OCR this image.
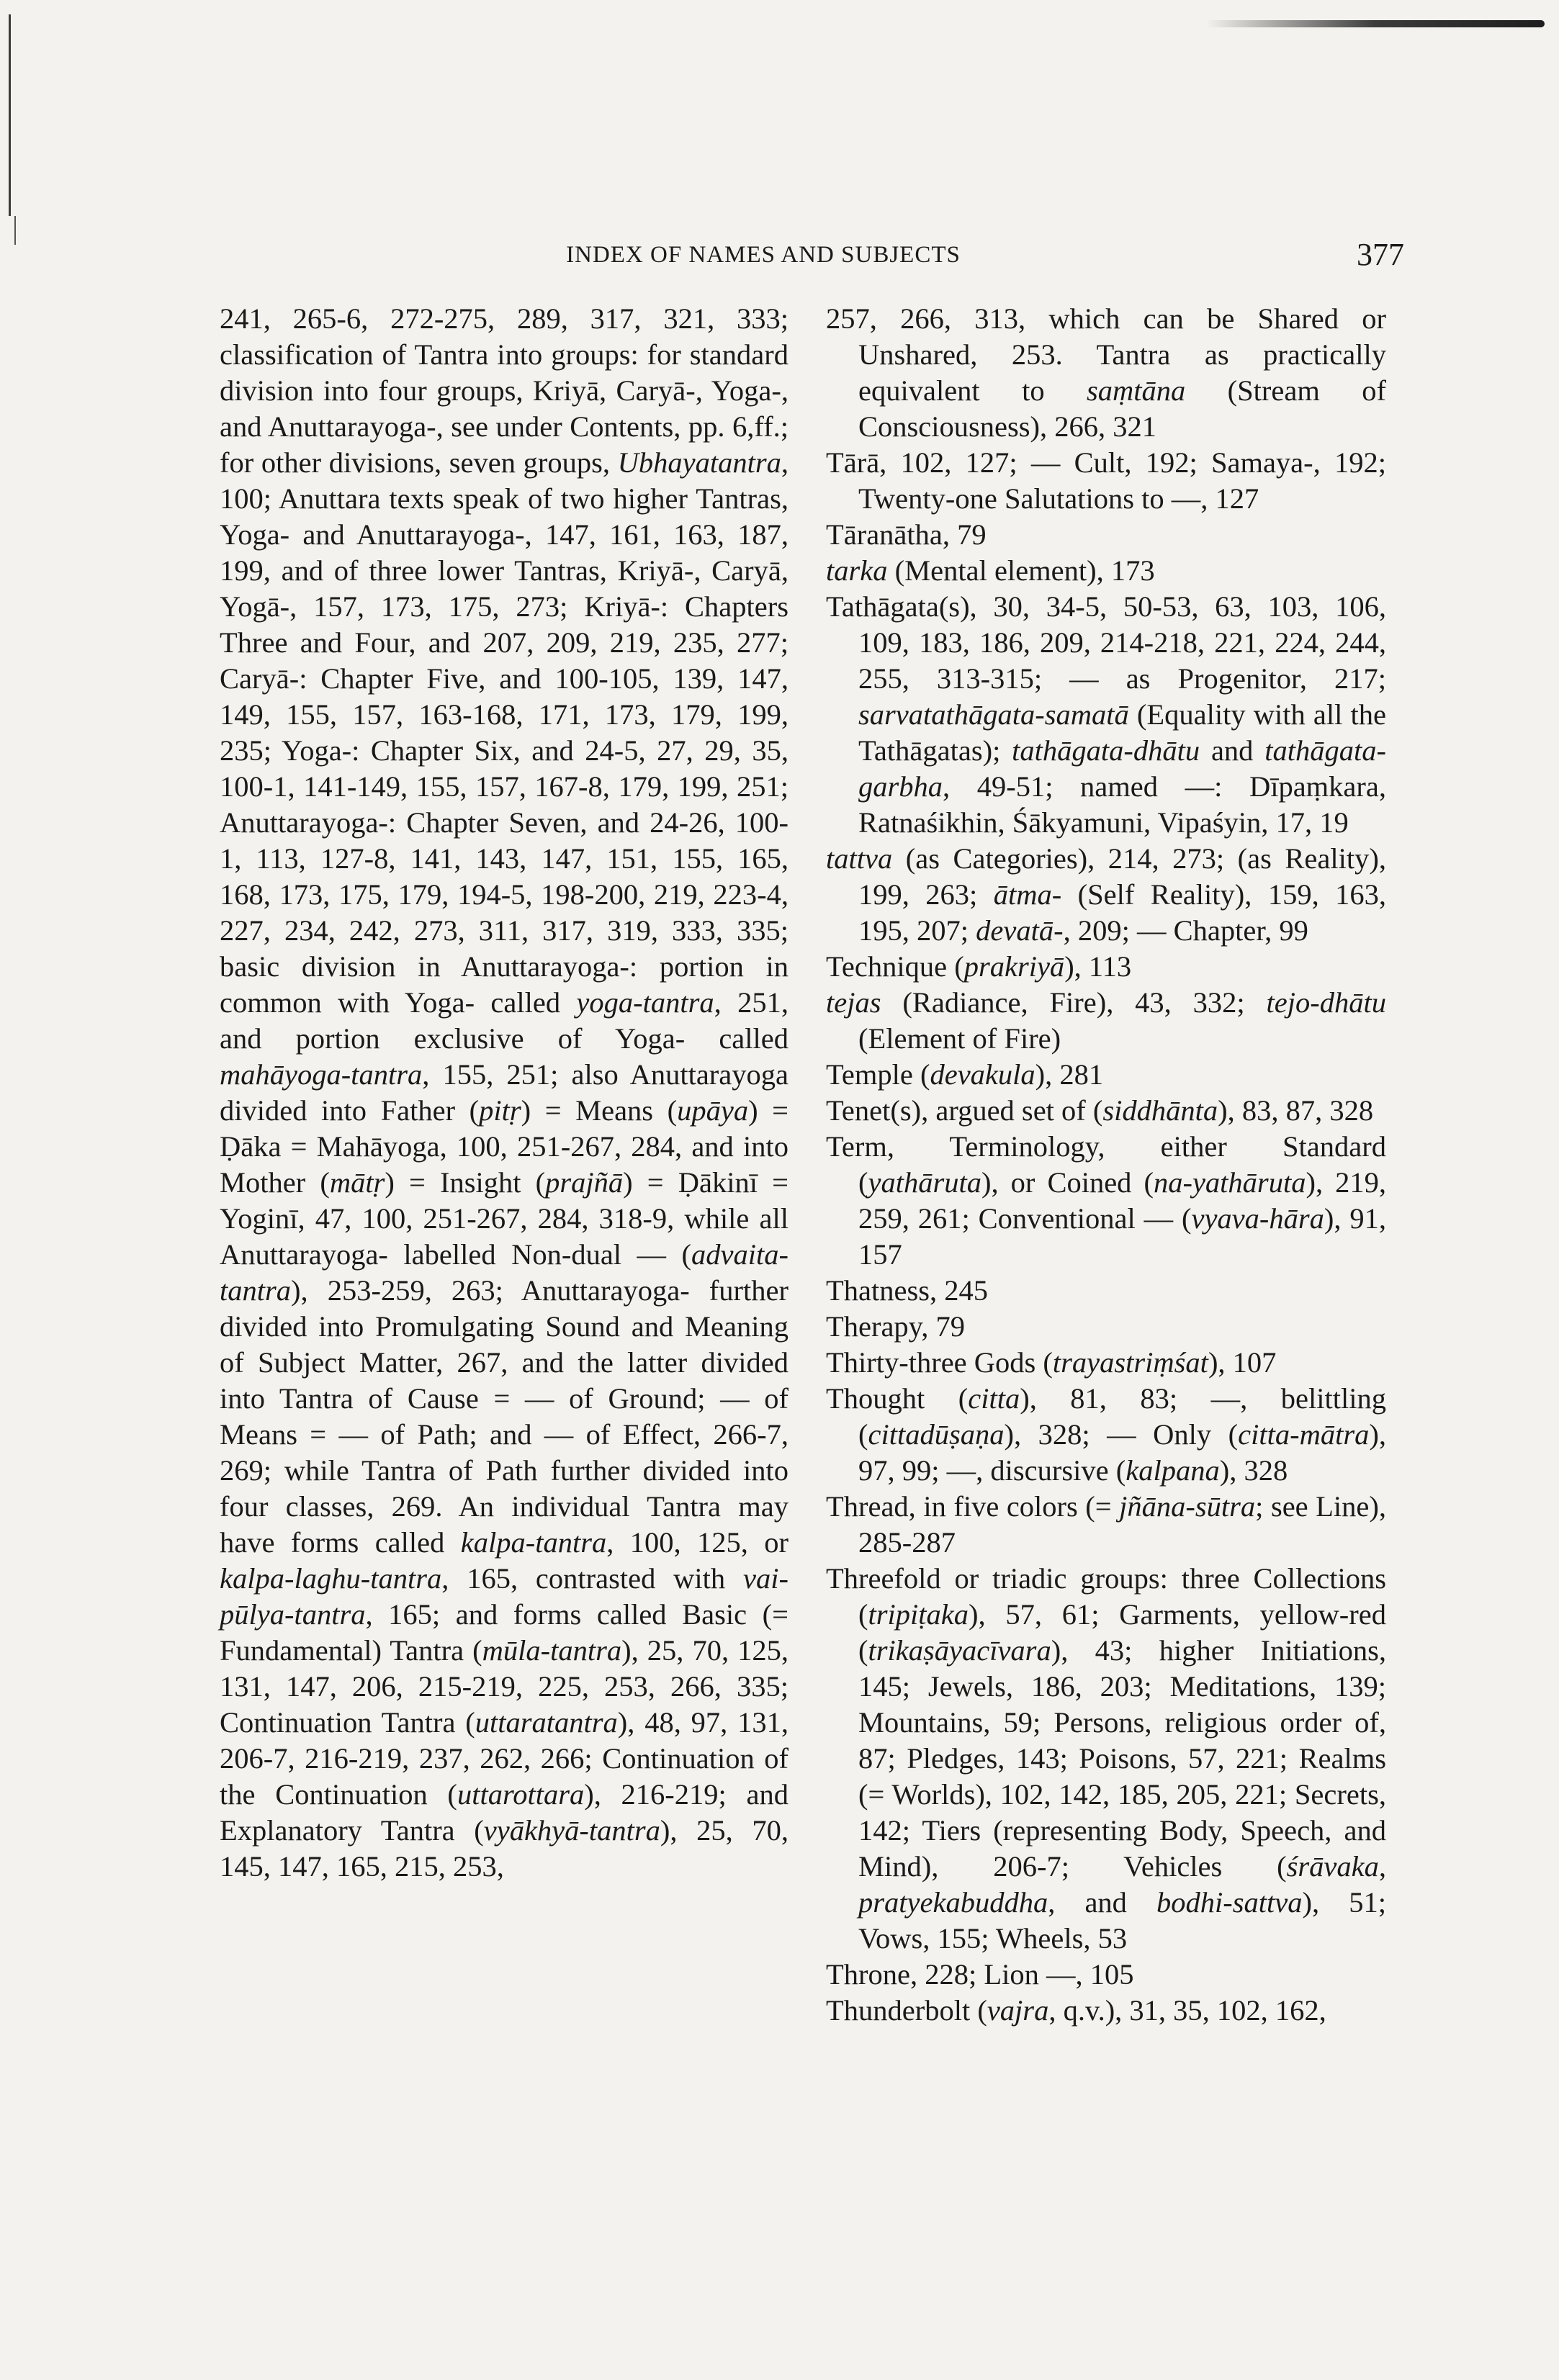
INDEX OF NAMES AND SUBJECTS	377

241, 265-6, 272-275, 289, 317, 321, 333; classification of Tantra into groups: for standard division into four groups, Kriyā, Caryā-, Yoga-, and Anuttarayoga-, see under Contents, pp. 6,ff.; for other divisions, seven groups, Ubhayatantra, 100; Anuttara texts speak of two higher Tantras, Yoga- and Anuttarayoga-, 147, 161, 163, 187, 199, and of three lower Tantras, Kriyā-, Caryā, Yogā-, 157, 173, 175, 273; Kriyā-: Chapters Three and Four, and 207, 209, 219, 235, 277; Caryā-: Chapter Five, and 100-105, 139, 147, 149, 155, 157, 163-168, 171, 173, 179, 199, 235; Yoga-: Chapter Six, and 24-5, 27, 29, 35, 100-1, 141-149, 155, 157, 167-8, 179, 199, 251; Anuttarayoga-: Chapter Seven, and 24-26, 100-1, 113, 127-8, 141, 143, 147, 151, 155, 165, 168, 173, 175, 179, 194-5, 198-200, 219, 223-4, 227, 234, 242, 273, 311, 317, 319, 333, 335; basic division in Anuttarayoga-: portion in common with Yoga- called yoga-tantra, 251, and portion exclusive of Yoga- called mahāyoga-tantra, 155, 251; also Anuttarayoga divided into Father (pitṛ) = Means (upāya) = Ḍāka = Mahāyoga, 100, 251-267, 284, and into Mother (mātṛ) = Insight (prajñā) = Ḍākinī = Yoginī, 47, 100, 251-267, 284, 318-9, while all Anuttarayoga- labelled Non-dual — (advaita-tantra), 253-259, 263; Anuttarayoga- further divided into Promulgating Sound and Meaning of Subject Matter, 267, and the latter divided into Tantra of Cause = — of Ground; — of Means = — of Path; and — of Effect, 266-7, 269; while Tantra of Path further divided into four classes, 269. An individual Tantra may have forms called kalpa-tantra, 100, 125, or kalpa-laghu-tantra, 165, contrasted with vai-pūlya-tantra, 165; and forms called Basic (= Fundamental) Tantra (mūla-tantra), 25, 70, 125, 131, 147, 206, 215-219, 225, 253, 266, 335; Continuation Tantra (uttaratantra), 48, 97, 131, 206-7, 216-219, 237, 262, 266; Continuation of the Continuation (uttarottara), 216-219; and Explanatory Tantra (vyākhyā-tantra), 25, 70, 145, 147, 165, 215, 253,

257, 266, 313, which can be Shared or Unshared, 253. Tantra as practically equivalent to saṃtāna (Stream of Consciousness), 266, 321

Tārā, 102, 127; — Cult, 192; Samaya-, 192; Twenty-one Salutations to —, 127

Tāranātha, 79

tarka (Mental element), 173

Tathāgata(s), 30, 34-5, 50-53, 63, 103, 106, 109, 183, 186, 209, 214-218, 221, 224, 244, 255, 313-315; — as Progenitor, 217; sarvatathāgata-samatā (Equality with all the Tathāgatas); tathāgata-dhātu and tathāgata-garbha, 49-51; named —: Dīpaṃkara, Ratnaśikhin, Śākyamuni, Vipaśyin, 17, 19

tattva (as Categories), 214, 273; (as Reality), 199, 263; ātma- (Self Reality), 159, 163, 195, 207; devatā-, 209; — Chapter, 99

Technique (prakriyā), 113

tejas (Radiance, Fire), 43, 332; tejo-dhātu (Element of Fire)

Temple (devakula), 281

Tenet(s), argued set of (siddhānta), 83, 87, 328

Term, Terminology, either Standard (yathāruta), or Coined (na-yathāruta), 219, 259, 261; Conventional — (vyava-hāra), 91, 157

Thatness, 245

Therapy, 79

Thirty-three Gods (trayastriṃśat), 107

Thought (citta), 81, 83; —, belittling (cittadūṣaṇa), 328; — Only (citta-mātra), 97, 99; —, discursive (kalpana), 328

Thread, in five colors (= jñāna-sūtra; see Line), 285-287

Threefold or triadic groups: three Collections (tripiṭaka), 57, 61; Garments, yellow-red (trikaṣāyacīvara), 43; higher Initiations, 145; Jewels, 186, 203; Meditations, 139; Mountains, 59; Persons, religious order of, 87; Pledges, 143; Poisons, 57, 221; Realms (= Worlds), 102, 142, 185, 205, 221; Secrets, 142; Tiers (representing Body, Speech, and Mind), 206-7; Vehicles (śrāvaka, pratyekabuddha, and bodhi-sattva), 51; Vows, 155; Wheels, 53

Throne, 228; Lion —, 105

Thunderbolt (vajra, q.v.), 31, 35, 102, 162,
